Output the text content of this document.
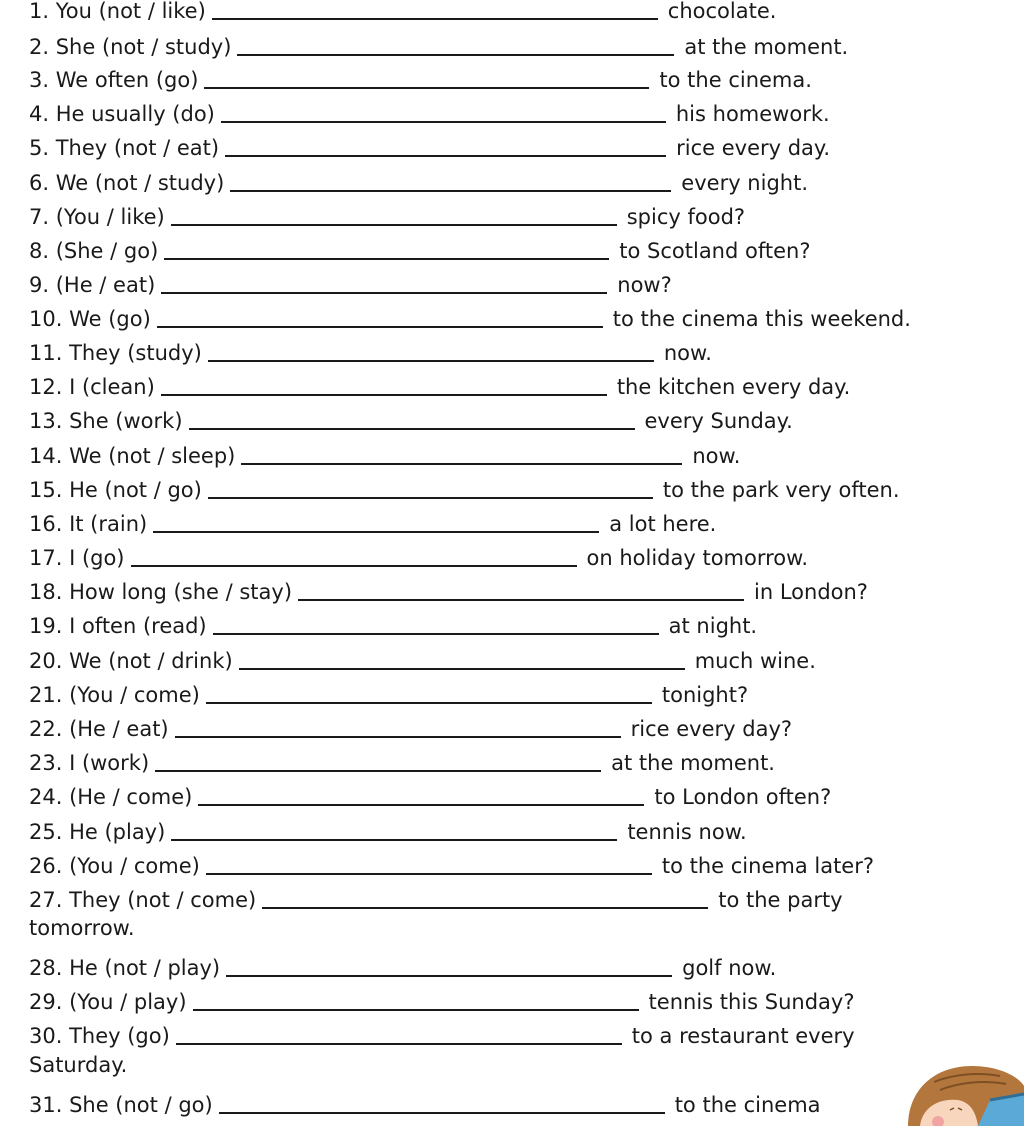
1. You (not / like)	chocolate.
2. She (not / study)	at the moment.
3. We often (go)	to the cinema.
4. He usually (do)	his homework.
5. They (not / eat)	rice every day.
6. We (not / study)	every night.
7. (You / like)	spicy food?
8. (She / go)	to Scotland often?
9. (He / eat)	now?
10. We (go)	to the cinema this weekend.
11. They (study)	now.
12. I (clean)	the kitchen every day.
13. She (work)	every Sunday.
14. We (not / sleep)	now.
15. He (not / go)	to the park very often.
16. It (rain)	a lot here.
17. I (go)	on holiday tomorrow.
18. How long (she / stay)	in London?
19. I often (read)	at night.
20. We (not / drink)	much wine.
21. (You / come)	tonight?
22. (He / eat)	rice every day?
23. I (work)	at the moment.
24. (He / come)	to London often?
25. He (play)	tennis now.
26. (You / come)	to the cinema later?
27. They (not / come)	to the party
tomorrow.
28. He (not / play)	golf now.
29. (You / play)	tennis this Sunday?
30. They (go)	to a restaurant every
Saturday.
31. She (not / go)	to the cinema
